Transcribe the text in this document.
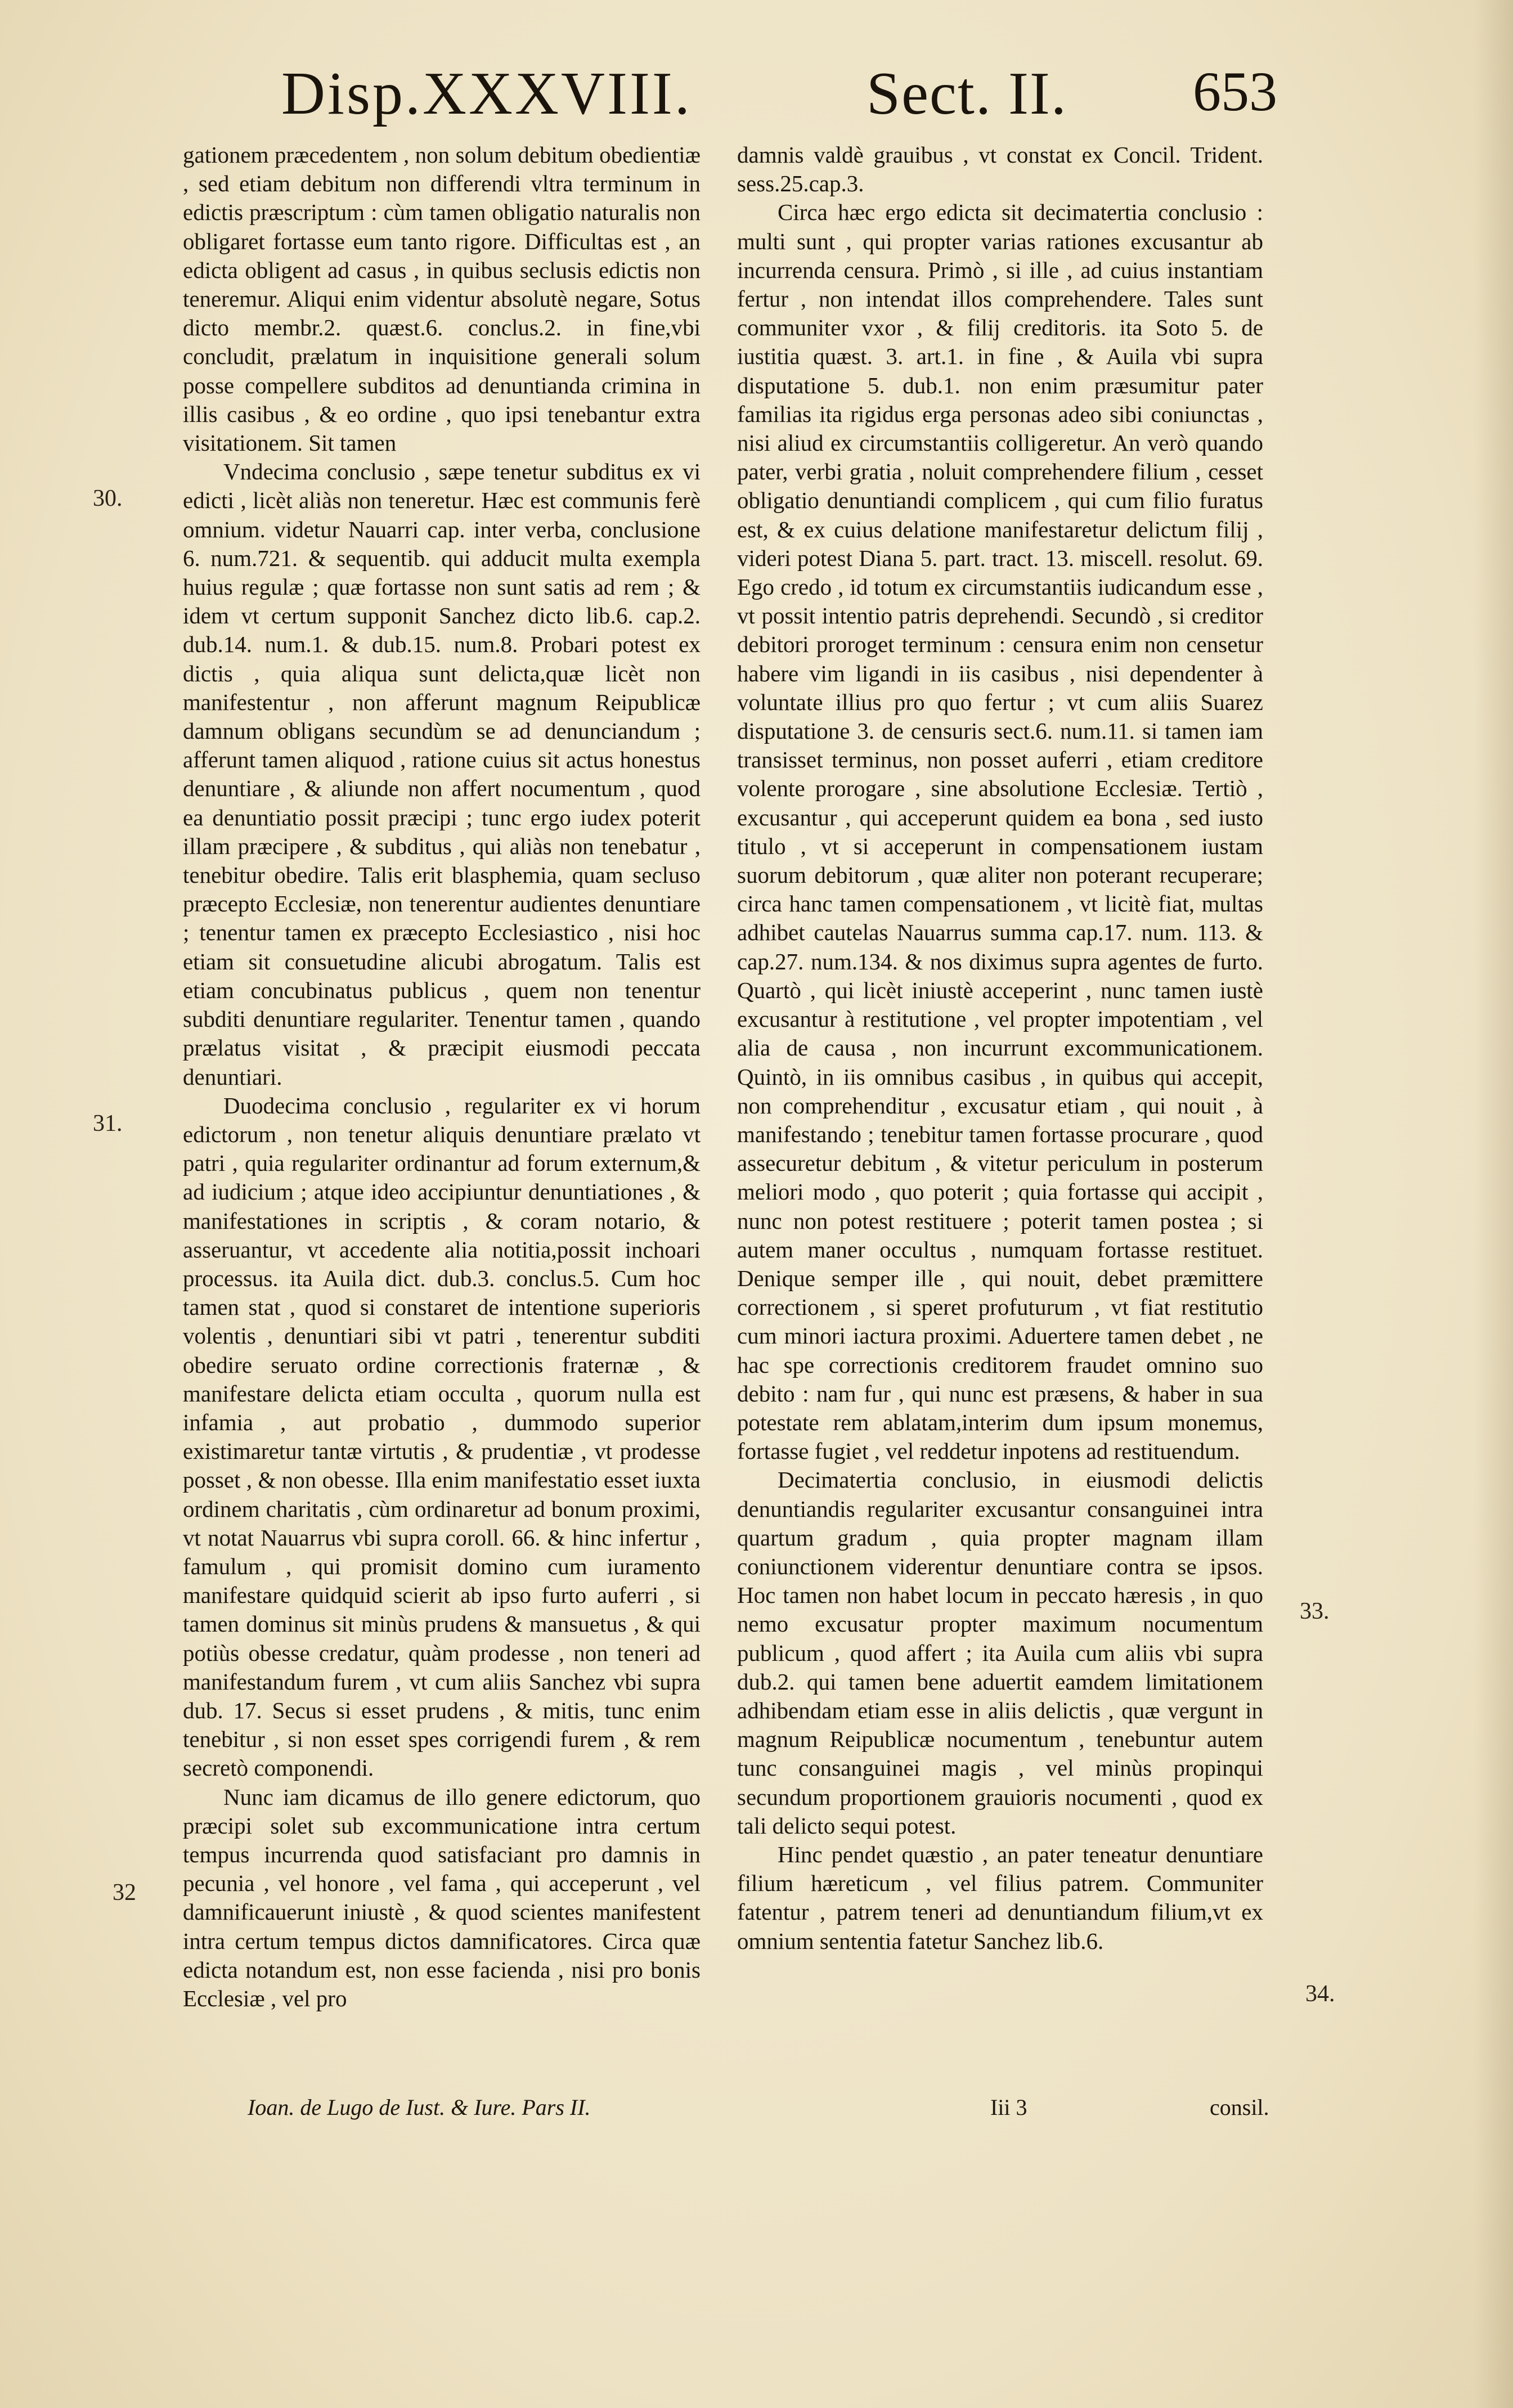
Disp.XXXVIII.	Sect. II. 653

gationem præcedentem , non solum debitum obedientiæ , sed etiam debitum non differendi vltra terminum in edictis præscriptum : cùm tamen obligatio naturalis non obligaret fortasse eum tanto rigore. Difficultas est , an edicta obligent ad casus , in quibus seclusis edictis non teneremur. Aliqui enim videntur absolutè negare, Sotus dicto membr.2. quæst.6. conclus.2. in fine,vbi concludit, prælatum in inquisitione generali solum posse compellere subditos ad denuntianda crimina in illis casibus , & eo ordine , quo ipsi tenebantur extra visitationem. Sit tamen

Vndecima conclusio , sæpe tenetur subditus ex vi edicti , licèt aliàs non teneretur. Hæc est communis ferè omnium. videtur Nauarri cap. inter verba, conclusione 6. num.721. & sequentib. qui adducit multa exempla huius regulæ ; quæ fortasse non sunt satis ad rem ; & idem vt certum supponit Sanchez dicto lib.6. cap.2. dub.14. num.1. & dub.15. num.8. Probari potest ex dictis , quia aliqua sunt delicta,quæ licèt non manifestentur , non afferunt magnum Reipublicæ damnum obligans secundùm se ad denunciandum ; afferunt tamen aliquod , ratione cuius sit actus honestus denuntiare , & aliunde non affert nocumentum , quod ea denuntiatio possit præcipi ; tunc ergo iudex poterit illam præcipere , & subditus , qui aliàs non tenebatur , tenebitur obedire. Talis erit blasphemia, quam secluso præcepto Ecclesiæ, non tenerentur audientes denuntiare ; tenentur tamen ex præcepto Ecclesiastico , nisi hoc etiam sit consuetudine alicubi abrogatum. Talis est etiam concubinatus publicus , quem non tenentur subditi denuntiare regulariter. Tenentur tamen , quando prælatus visitat , & præcipit eiusmodi peccata denuntiari.

Duodecima conclusio , regulariter ex vi horum edictorum , non tenetur aliquis denuntiare prælato vt patri , quia regulariter ordinantur ad forum externum,& ad iudicium ; atque ideo accipiuntur denuntiationes , & manifestationes in scriptis , & coram notario, & asseruantur, vt accedente alia notitia,possit inchoari processus. ita Auila dict. dub.3. conclus.5. Cum hoc tamen stat , quod si constaret de intentione superioris volentis , denuntiari sibi vt patri , tenerentur subditi obedire seruato ordine correctionis fraternæ , & manifestare delicta etiam occulta , quorum nulla est infamia , aut probatio , dummodo superior existimaretur tantæ virtutis , & prudentiæ , vt prodesse posset , & non obesse. Illa enim manifestatio esset iuxta ordinem charitatis , cùm ordinaretur ad bonum proximi, vt notat Nauarrus vbi supra coroll. 66. & hinc infertur , famulum , qui promisit domino cum iuramento manifestare quidquid scierit ab ipso furto auferri , si tamen dominus sit minùs prudens & mansuetus , & qui potiùs obesse credatur, quàm prodesse , non teneri ad manifestandum furem , vt cum aliis Sanchez vbi supra dub. 17. Secus si esset prudens , & mitis, tunc enim tenebitur , si non esset spes corrigendi furem , & rem secretò componendi.

Nunc iam dicamus de illo genere edictorum, quo præcipi solet sub excommunicatione intra certum tempus incurrenda quod satisfaciant pro damnis in pecunia , vel honore , vel fama , qui acceperunt , vel damnificauerunt iniustè , & quod scientes manifestent intra certum tempus dictos damnificatores. Circa quæ edicta notandum est, non esse facienda , nisi pro bonis Ecclesiæ , vel pro

damnis valdè grauibus , vt constat ex Concil. Trident. sess.25.cap.3.

Circa hæc ergo edicta sit decimatertia conclusio : multi sunt , qui propter varias rationes excusantur ab incurrenda censura. Primò , si ille , ad cuius instantiam fertur , non intendat illos comprehendere. Tales sunt communiter vxor , & filij creditoris. ita Soto 5. de iustitia quæst. 3. art.1. in fine , & Auila vbi supra disputatione 5. dub.1. non enim præsumitur pater familias ita rigidus erga personas adeo sibi coniunctas , nisi aliud ex circumstantiis colligeretur. An verò quando pater, verbi gratia , noluit comprehendere filium , cesset obligatio denuntiandi complicem , qui cum filio furatus est, & ex cuius delatione manifestaretur delictum filij , videri potest Diana 5. part. tract. 13. miscell. resolut. 69. Ego credo , id totum ex circumstantiis iudicandum esse , vt possit intentio patris deprehendi. Secundò , si creditor debitori proroget terminum : censura enim non censetur habere vim ligandi in iis casibus , nisi dependenter à voluntate illius pro quo fertur ; vt cum aliis Suarez disputatione 3. de censuris sect.6. num.11. si tamen iam transisset terminus, non posset auferri , etiam creditore volente prorogare , sine absolutione Ecclesiæ. Tertiò , excusantur , qui acceperunt quidem ea bona , sed iusto titulo , vt si acceperunt in compensationem iustam suorum debitorum , quæ aliter non poterant recuperare; circa hanc tamen compensationem , vt licitè fiat, multas adhibet cautelas Nauarrus summa cap.17. num. 113. & cap.27. num.134. & nos diximus supra agentes de furto. Quartò , qui licèt iniustè acceperint , nunc tamen iustè excusantur à restitutione , vel propter impotentiam , vel alia de causa , non incurrunt excommunicationem. Quintò, in iis omnibus casibus , in quibus qui accepit, non comprehenditur , excusatur etiam , qui nouit , à manifestando ; tenebitur tamen fortasse procurare , quod assecuretur debitum , & vitetur periculum in posterum meliori modo , quo poterit ; quia fortasse qui accipit , nunc non potest restituere ; poterit tamen postea ; si autem maner occultus , numquam fortasse restituet. Denique semper ille , qui nouit, debet præmittere correctionem , si speret profuturum , vt fiat restitutio cum minori iactura proximi. Aduertere tamen debet , ne hac spe correctionis creditorem fraudet omnino suo debito : nam fur , qui nunc est præsens, & haber in sua potestate rem ablatam,interim dum ipsum monemus, fortasse fugiet , vel reddetur inpotens ad restituendum.

Decimatertia conclusio, in eiusmodi delictis denuntiandis regulariter excusantur consanguinei intra quartum gradum , quia propter magnam illam coniunctionem viderentur denuntiare contra se ipsos. Hoc tamen non habet locum in peccato hæresis , in quo nemo excusatur propter maximum nocumentum publicum , quod affert ; ita Auila cum aliis vbi supra dub.2. qui tamen bene aduertit eamdem limitationem adhibendam etiam esse in aliis delictis , quæ vergunt in magnum Reipublicæ nocumentum , tenebuntur autem tunc consanguinei magis , vel minùs propinqui secundum proportionem grauioris nocumenti , quod ex tali delicto sequi potest.

Hinc pendet quæstio , an pater teneatur denuntiare filium hæreticum , vel filius patrem. Communiter fatentur , patrem teneri ad denuntiandum filium,vt ex omnium sententia fatetur Sanchez lib.6.

30.
31.
32
33.
34.
Ioan. de Lugo de Iust. & Iure. Pars II.	Iii 3	consil.
